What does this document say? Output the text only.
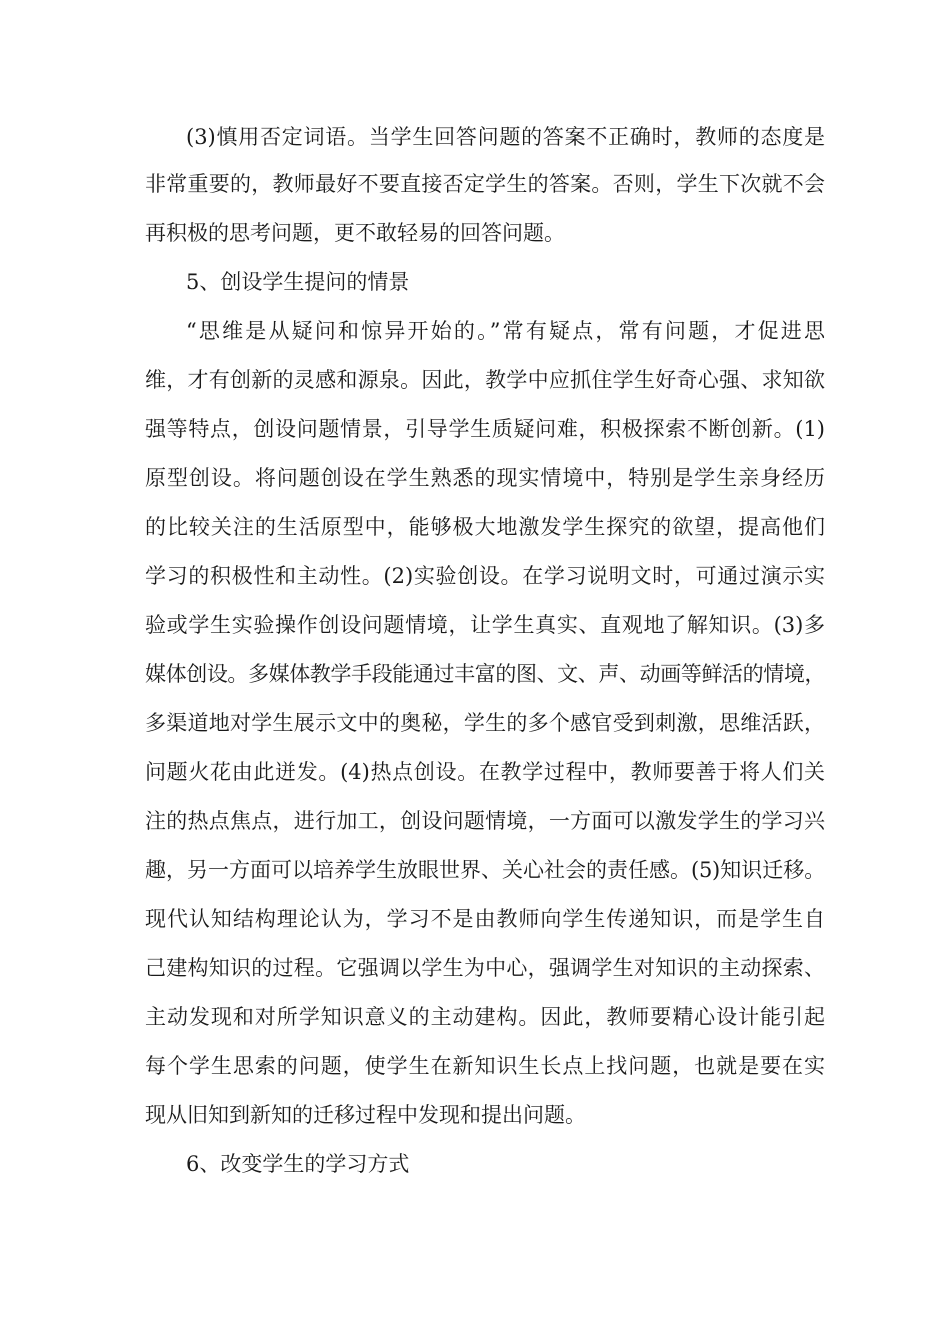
(3)慎用否定词语。当学生回答问题的答案不正确时，教师的态度是
非常重要的，教师最好不要直接否定学生的答案。否则，学生下次就不会
再积极的思考问题，更不敢轻易的回答问题。
5、创设学生提问的情景
“思维是从疑问和惊异开始的。”常有疑点，常有问题，才促进思
维，才有创新的灵感和源泉。因此，教学中应抓住学生好奇心强、求知欲
强等特点，创设问题情景，引导学生质疑问难，积极探索不断创新。(1)
原型创设。将问题创设在学生熟悉的现实情境中，特别是学生亲身经历
的比较关注的生活原型中，能够极大地激发学生探究的欲望，提高他们
学习的积极性和主动性。(2)实验创设。在学习说明文时，可通过演示实
验或学生实验操作创设问题情境，让学生真实、直观地了解知识。(3)多
媒体创设。多媒体教学手段能通过丰富的图、文、声、动画等鲜活的情境，
多渠道地对学生展示文中的奥秘，学生的多个感官受到刺激，思维活跃，
问题火花由此迸发。(4)热点创设。在教学过程中，教师要善于将人们关
注的热点焦点，进行加工，创设问题情境，一方面可以激发学生的学习兴
趣，另一方面可以培养学生放眼世界、关心社会的责任感。(5)知识迁移。
现代认知结构理论认为，学习不是由教师向学生传递知识，而是学生自
己建构知识的过程。它强调以学生为中心，强调学生对知识的主动探索、
主动发现和对所学知识意义的主动建构。因此，教师要精心设计能引起
每个学生思索的问题，使学生在新知识生长点上找问题，也就是要在实
现从旧知到新知的迁移过程中发现和提出问题。
6、改变学生的学习方式
